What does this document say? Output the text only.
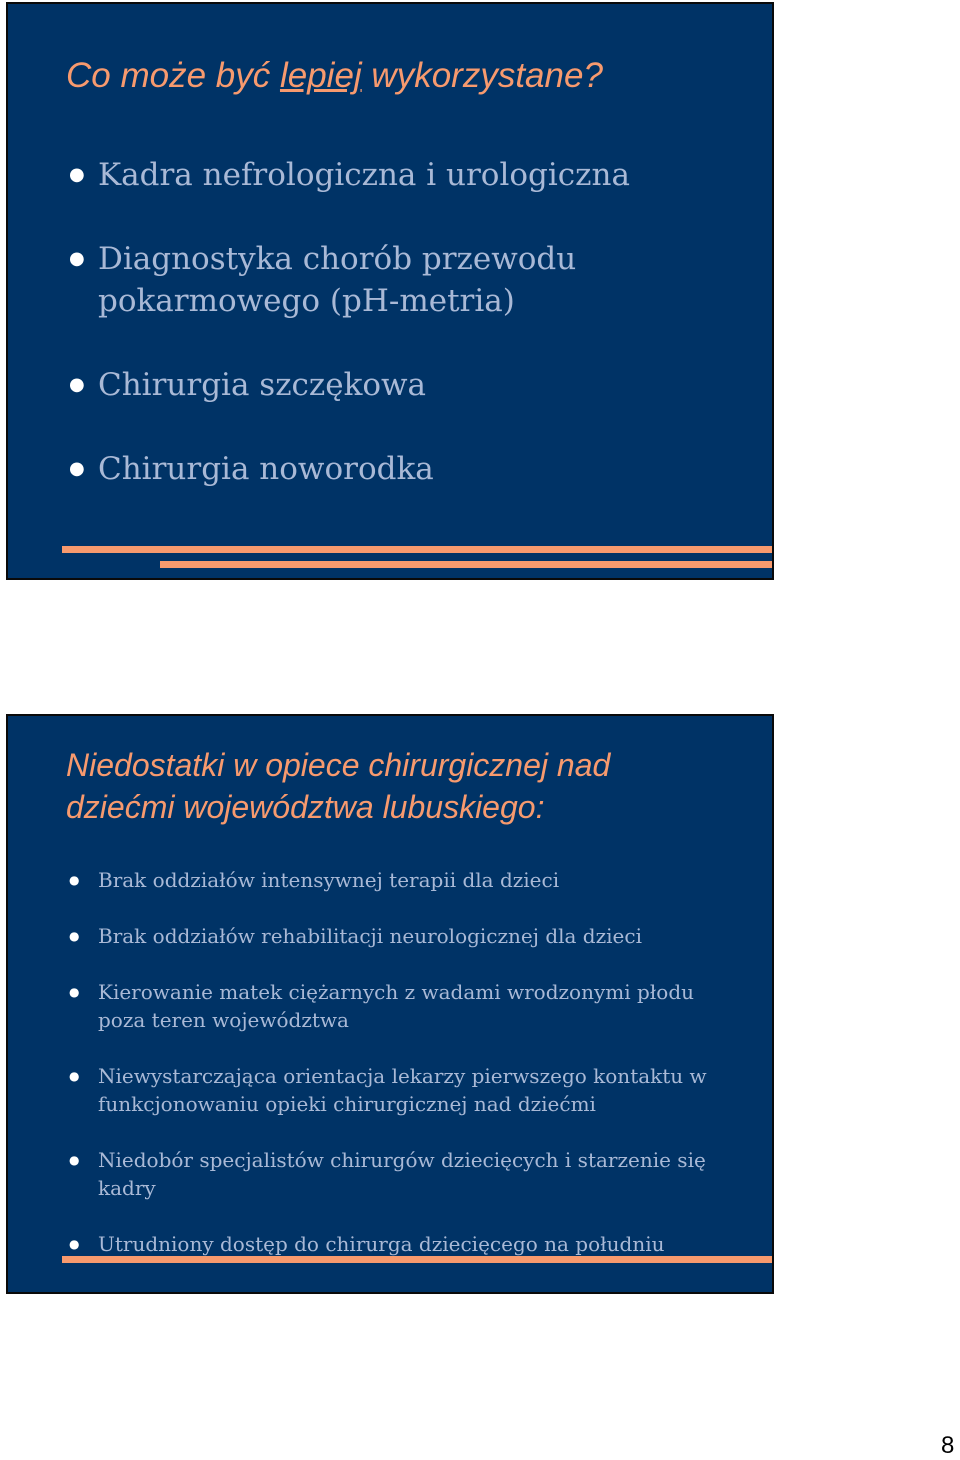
Co może być lepiej wykorzystane?
● Kadra nefrologiczna i urologiczna
● Diagnostyka chorób przewodu pokarmowego (pH-metria)
● Chirurgia szczękowa
● Chirurgia noworodka
Niedostatki w opiece chirurgicznej nad dziećmi województwa lubuskiego:
● Brak oddziałów intensywnej terapii dla dzieci
● Brak oddziałów rehabilitacji neurologicznej dla dzieci
● Kierowanie matek ciężarnych z wadami wrodzonymi płodu poza teren województwa
● Niewystarczająca orientacja lekarzy pierwszego kontaktu w funkcjonowaniu opieki chirurgicznej nad dziećmi
● Niedobór specjalistów chirurgów dziecięcych i starzenie się kadry
● Utrudniony dostęp do chirurga dziecięcego na południu
8
